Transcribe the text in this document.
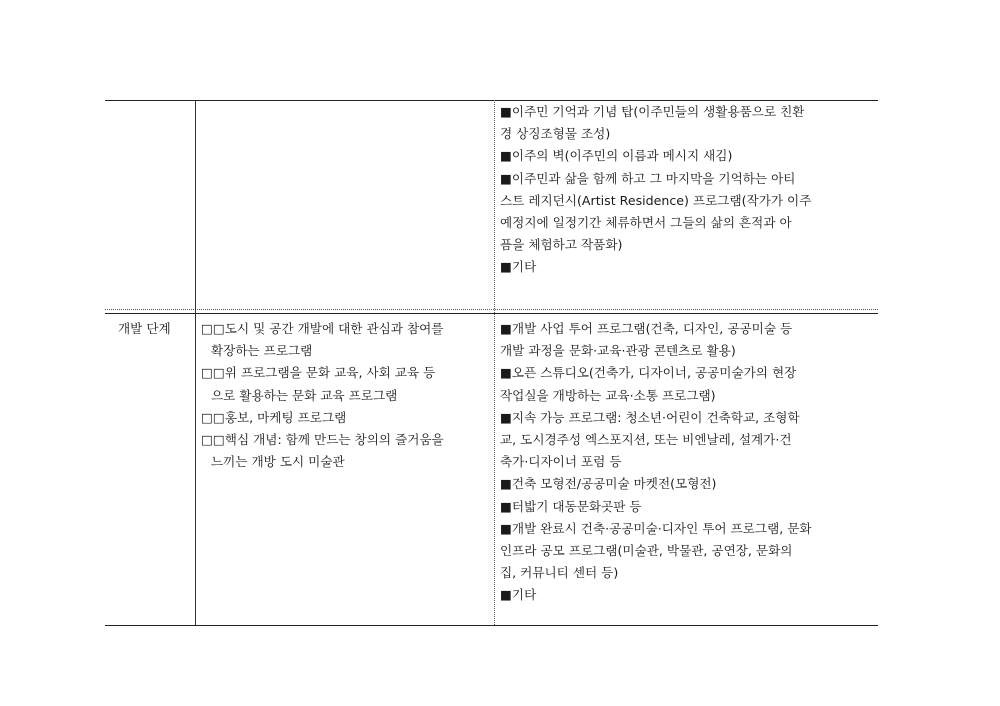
■이주민 기억과 기념 탑(이주민들의 생활용품으로 친환
경 상징조형물 조성)
■이주의 벽(이주민의 이름과 메시지 새김)
■이주민과 삶을 함께 하고 그 마지막을 기억하는 아티
스트 레지던시(Artist Residence) 프로그램(작가가 이주
예정지에 일정기간 체류하면서 그들의 삶의 흔적과 아
픔을 체험하고 작품화)
■기타
개발 단계 □□도시 및 공간 개발에 대한 관심과 참여를
확장하는 프로그램
□□위 프로그램을 문화 교육, 사회 교육 등
으로 활용하는 문화 교육 프로그램
□□홍보, 마케팅 프로그램
□□핵심 개념: 함께 만드는 창의의 즐거움을
느끼는 개방 도시 미술관
■개발 사업 투어 프로그램(건축, 디자인, 공공미술 등
개발 과정을 문화·교육·관광 콘텐츠로 활용)
■오픈 스튜디오(건축가, 디자이너, 공공미술가의 현장
작업실을 개방하는 교육·소통 프로그램)
■지속 가능 프로그램: 청소년·어린이 건축학교, 조형학
교, 도시경주성 엑스포지션, 또는 비엔날레, 설계가·건
축가·디자이너 포럼 등
■건축 모형전/공공미술 마켓전(모형전)
■터밟기 대동문화곳판 등
■개발 완료시 건축·공공미술·디자인 투어 프로그램, 문화
인프라 공모 프로그램(미술관, 박물관, 공연장, 문화의
집, 커뮤니티 센터 등)
■기타
